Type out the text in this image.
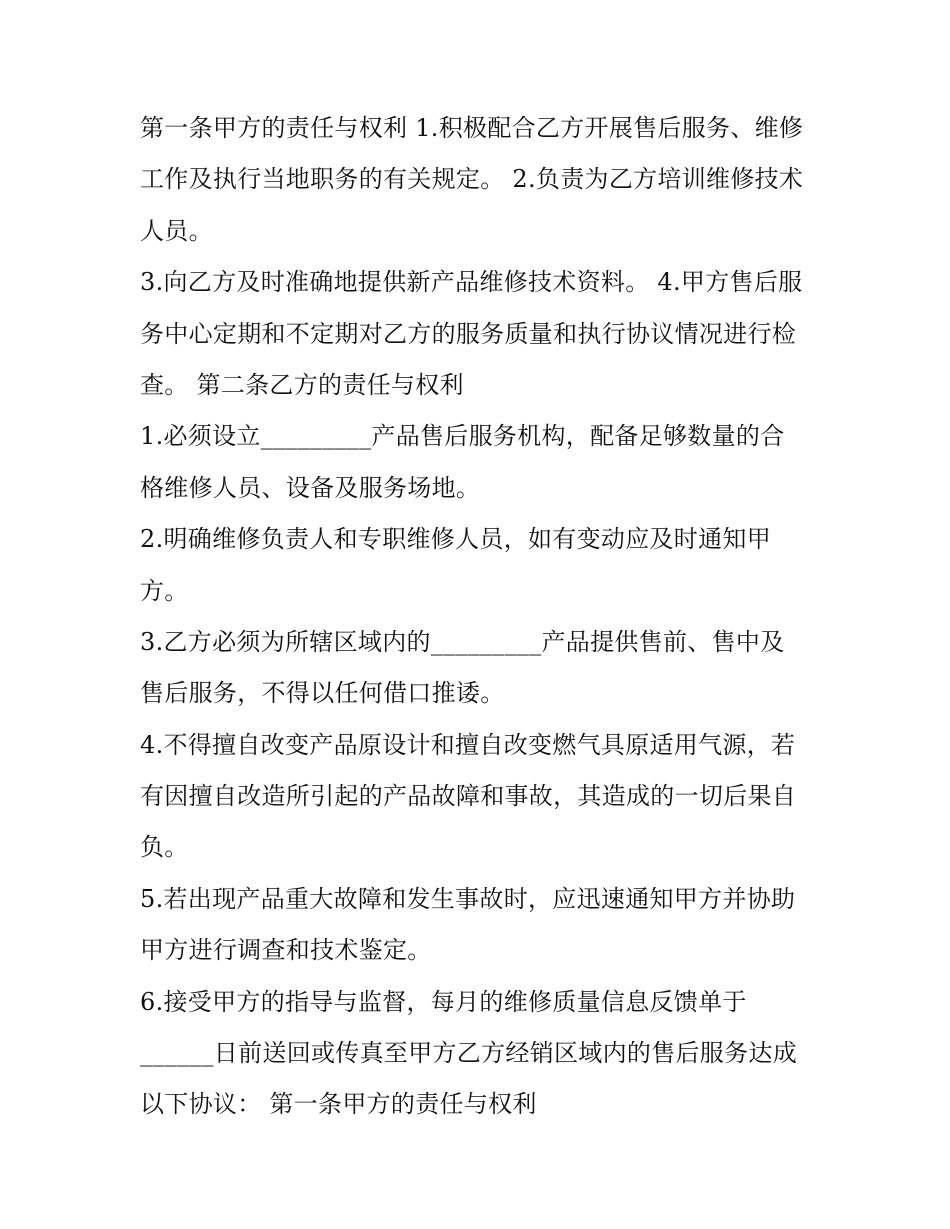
第一条甲方的责任与权利 1.积极配合乙方开展售后服务、维修
工作及执行当地职务的有关规定。 2.负责为乙方培训维修技术
人员。
3.向乙方及时准确地提供新产品维修技术资料。 4.甲方售后服
务中心定期和不定期对乙方的服务质量和执行协议情况进行检
查。 第二条乙方的责任与权利
1.必须设立_________产品售后服务机构，配备足够数量的合
格维修人员、设备及服务场地。
2.明确维修负责人和专职维修人员，如有变动应及时通知甲
方。
3.乙方必须为所辖区域内的_________产品提供售前、售中及
售后服务，不得以任何借口推诿。
4.不得擅自改变产品原设计和擅自改变燃气具原适用气源，若
有因擅自改造所引起的产品故障和事故，其造成的一切后果自
负。
5.若出现产品重大故障和发生事故时，应迅速通知甲方并协助
甲方进行调查和技术鉴定。
6.接受甲方的指导与监督，每月的维修质量信息反馈单于
______日前送回或传真至甲方乙方经销区域内的售后服务达成
以下协议： 第一条甲方的责任与权利
